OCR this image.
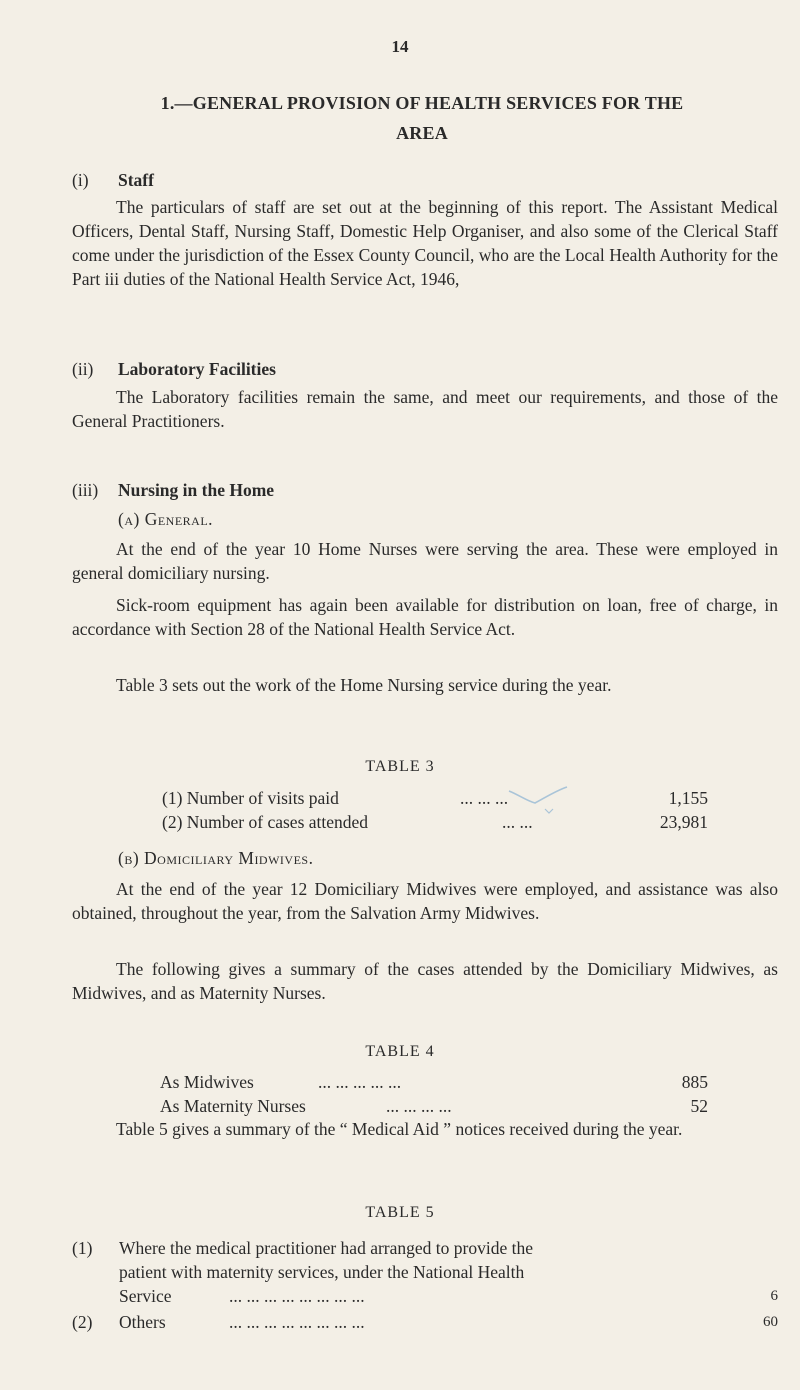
14
1.—GENERAL PROVISION OF HEALTH SERVICES FOR THE
AREA
(i) Staff
The particulars of staff are set out at the beginning of this report. The Assistant Medical Officers, Dental Staff, Nursing Staff, Domestic Help Organiser, and also some of the Clerical Staff come under the jurisdiction of the Essex County Council, who are the Local Health Authority for the Part iii duties of the National Health Service Act, 1946,
(ii) Laboratory Facilities
The Laboratory facilities remain the same, and meet our requirements, and those of the General Practitioners.
(iii) Nursing in the Home
(a) General.
At the end of the year 10 Home Nurses were serving the area. These were employed in general domiciliary nursing.
Sick-room equipment has again been available for distribution on loan, free of charge, in accordance with Section 28 of the National Health Service Act.
Table 3 sets out the work of the Home Nursing service during the year.
TABLE 3
(1) Number of visits paid	... ... ...	1,155
(2) Number of cases attended	... ...	23,981
(b) Domiciliary Midwives.
At the end of the year 12 Domiciliary Midwives were employed, and assistance was also obtained, throughout the year, from the Salvation Army Midwives.
The following gives a summary of the cases attended by the Domiciliary Midwives, as Midwives, and as Maternity Nurses.
TABLE 4
As Midwives	... ... ... ... ...	885
As Maternity Nurses	... ... ... ...	52
Table 5 gives a summary of the “ Medical Aid ” notices received during the year.
TABLE 5
(1) Where the medical practitioner had arranged to provide the
patient with maternity services, under the National Health
Service	... ... ... ... ... ... ... ...	6
(2) Others	... ... ... ... ... ... ... ...	60
